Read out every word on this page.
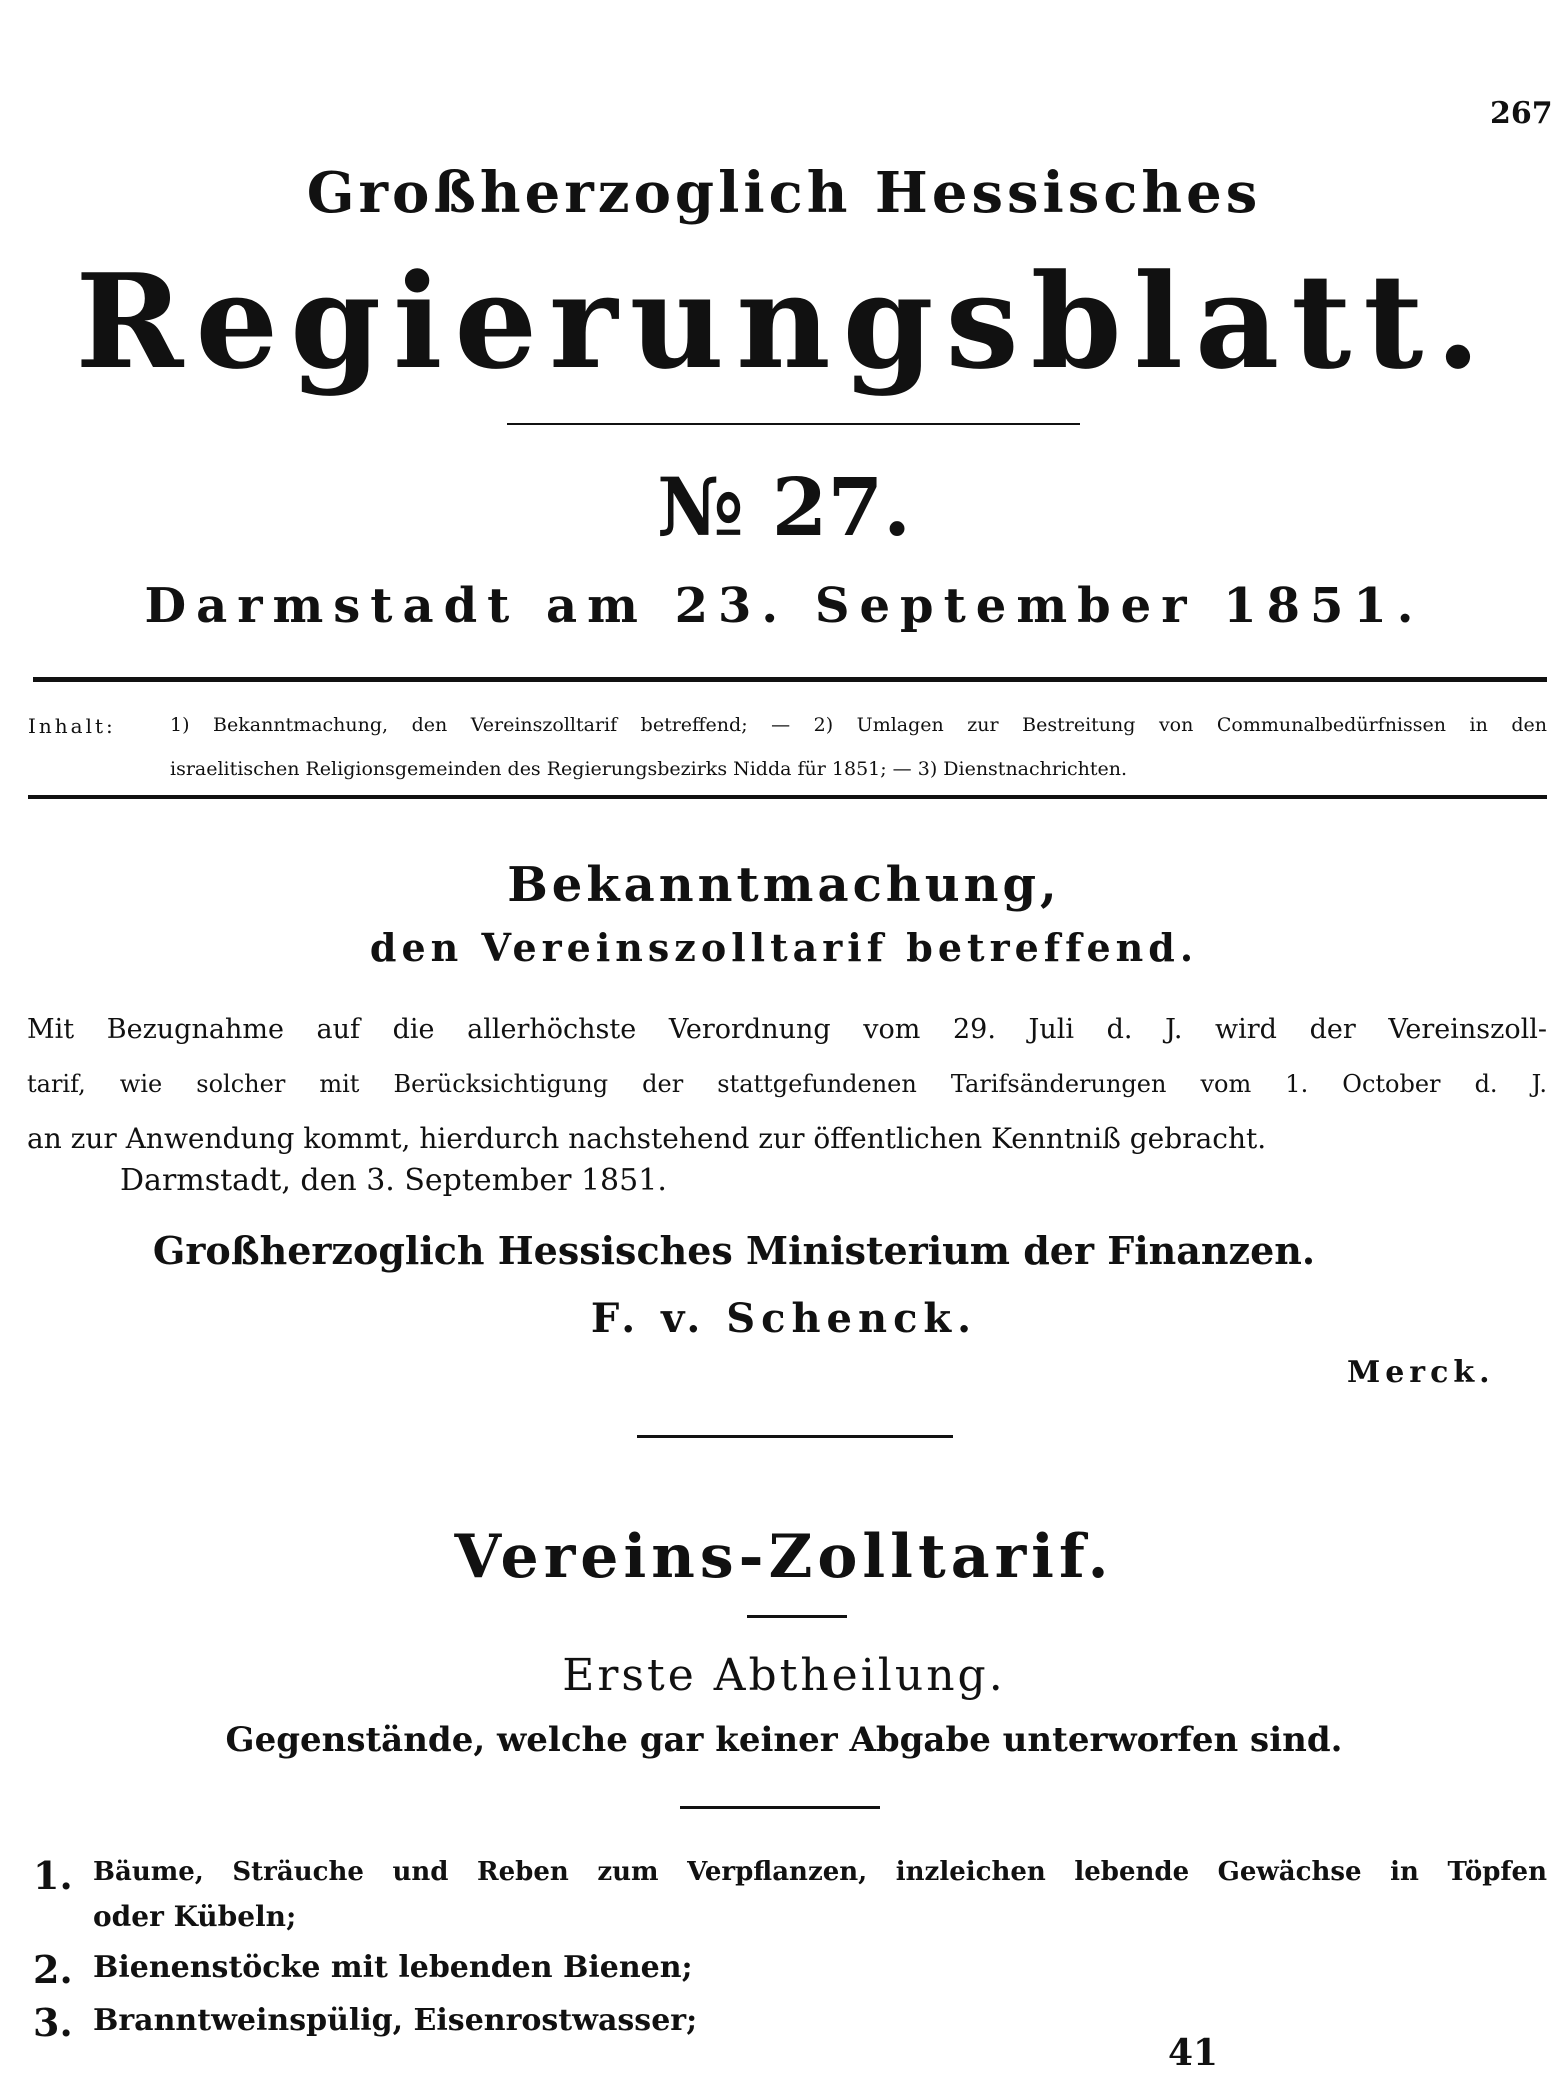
267
Großherzoglich Hessisches
Regierungsblatt.
№ 27.
Darmstadt am 23. September 1851.
Inhalt:	1) Bekanntmachung, den Vereinszolltarif betreffend; — 2) Umlagen zur Bestreitung von Communalbedürfnissen in den
israelitischen Religionsgemeinden des Regierungsbezirks Nidda für 1851; — 3) Dienstnachrichten.
Bekanntmachung,
den Vereinszolltarif betreffend.
Mit Bezugnahme auf die allerhöchste Verordnung vom 29. Juli d. J. wird der Vereinszoll-
tarif, wie solcher mit Berücksichtigung der stattgefundenen Tarifsänderungen vom 1. October d. J.
an zur Anwendung kommt, hierdurch nachstehend zur öffentlichen Kenntniß gebracht.
Darmstadt, den 3. September 1851.
Großherzoglich Hessisches Ministerium der Finanzen.
F. v. Schenck.
Merck.
Vereins-Zolltarif.
Erste Abtheilung.
Gegenstände, welche gar keiner Abgabe unterworfen sind.
1. Bäume, Sträuche und Reben zum Verpflanzen, inzleichen lebende Gewächse in Töpfen
oder Kübeln;
2. Bienenstöcke mit lebenden Bienen;
3. Branntweinspülig, Eisenrostwasser;
41
